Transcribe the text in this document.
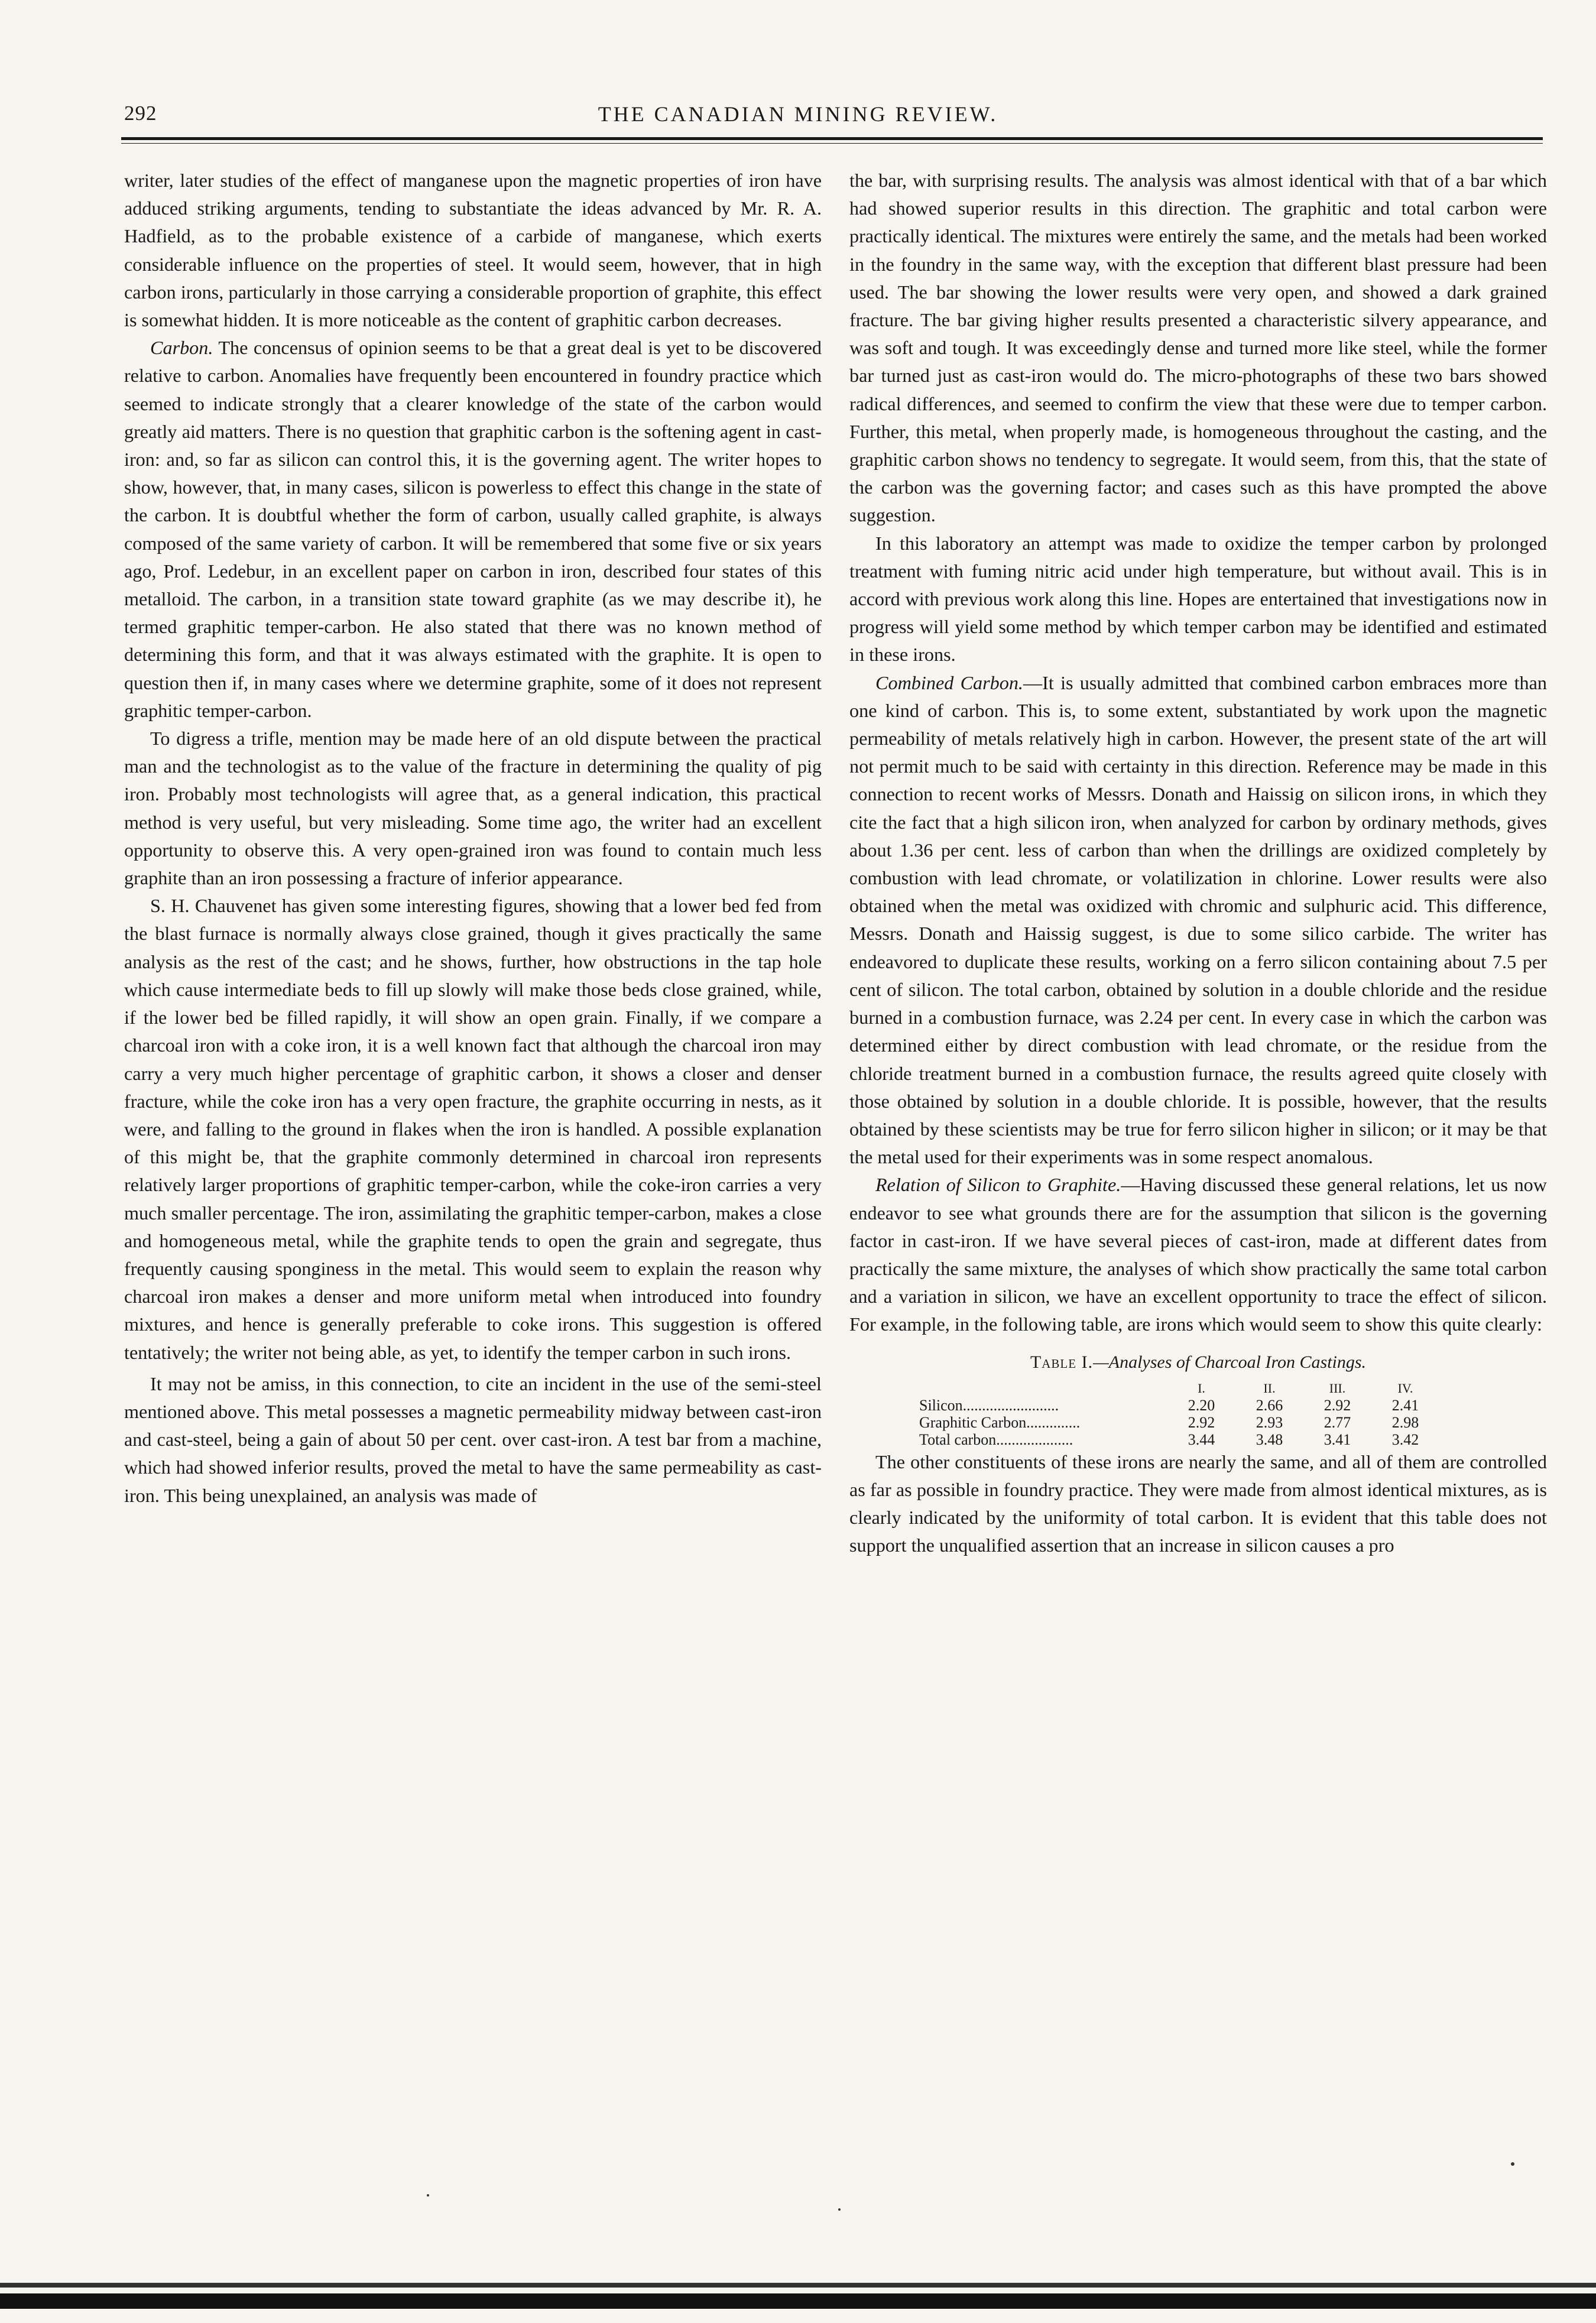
292	THE CANADIAN MINING REVIEW.

writer, later studies of the effect of manganese upon the magnetic properties of iron have adduced striking arguments, tending to substantiate the ideas advanced by Mr. R. A. Hadfield, as to the probable existence of a carbide of manganese, which exerts considerable influence on the properties of steel. It would seem, however, that in high carbon irons, particularly in those carrying a considerable proportion of graphite, this effect is somewhat hidden. It is more noticeable as the content of graphitic carbon decreases.

Carbon. The concensus of opinion seems to be that a great deal is yet to be discovered relative to carbon. Anomalies have frequently been encountered in foundry practice which seemed to indicate strongly that a clearer knowledge of the state of the carbon would greatly aid matters. There is no question that graphitic carbon is the softening agent in cast-iron: and, so far as silicon can control this, it is the governing agent. The writer hopes to show, however, that, in many cases, silicon is powerless to effect this change in the state of the carbon. It is doubtful whether the form of carbon, usually called graphite, is always composed of the same variety of carbon. It will be remembered that some five or six years ago, Prof. Ledebur, in an excellent paper on carbon in iron, described four states of this metalloid. The carbon, in a transition state toward graphite (as we may describe it), he termed graphitic temper-carbon. He also stated that there was no known method of determining this form, and that it was always estimated with the graphite. It is open to question then if, in many cases where we determine graphite, some of it does not represent graphitic temper-carbon.

To digress a trifle, mention may be made here of an old dispute between the practical man and the technologist as to the value of the fracture in determining the quality of pig iron. Probably most technologists will agree that, as a general indication, this practical method is very useful, but very misleading. Some time ago, the writer had an excellent opportunity to observe this. A very open-grained iron was found to contain much less graphite than an iron possessing a fracture of inferior appearance.

S. H. Chauvenet has given some interesting figures, showing that a lower bed fed from the blast furnace is normally always close grained, though it gives practically the same analysis as the rest of the cast; and he shows, further, how obstructions in the tap hole which cause intermediate beds to fill up slowly will make those beds close grained, while, if the lower bed be filled rapidly, it will show an open grain. Finally, if we compare a charcoal iron with a coke iron, it is a well known fact that although the charcoal iron may carry a very much higher percentage of graphitic carbon, it shows a closer and denser fracture, while the coke iron has a very open fracture, the graphite occurring in nests, as it were, and falling to the ground in flakes when the iron is handled. A possible explanation of this might be, that the graphite commonly determined in charcoal iron represents relatively larger proportions of graphitic temper-carbon, while the coke-iron carries a very much smaller percentage. The iron, assimilating the graphitic temper-carbon, makes a close and homogeneous metal, while the graphite tends to open the grain and segregate, thus frequently causing sponginess in the metal. This would seem to explain the reason why charcoal iron makes a denser and more uniform metal when introduced into foundry mixtures, and hence is generally preferable to coke irons. This suggestion is offered tentatively; the writer not being able, as yet, to identify the temper carbon in such irons.

It may not be amiss, in this connection, to cite an incident in the use of the semi-steel mentioned above. This metal possesses a magnetic permeability midway between cast-iron and cast-steel, being a gain of about 50 per cent. over cast-iron. A test bar from a machine, which had showed inferior results, proved the metal to have the same permeability as cast-iron. This being unexplained, an analysis was made of

the bar, with surprising results. The analysis was almost identical with that of a bar which had showed superior results in this direction. The graphitic and total carbon were practically identical. The mixtures were entirely the same, and the metals had been worked in the foundry in the same way, with the exception that different blast pressure had been used. The bar showing the lower results were very open, and showed a dark grained fracture. The bar giving higher results presented a characteristic silvery appearance, and was soft and tough. It was exceedingly dense and turned more like steel, while the former bar turned just as cast-iron would do. The micro-photographs of these two bars showed radical differences, and seemed to confirm the view that these were due to temper carbon. Further, this metal, when properly made, is homogeneous throughout the casting, and the graphitic carbon shows no tendency to segregate. It would seem, from this, that the state of the carbon was the governing factor; and cases such as this have prompted the above suggestion.

In this laboratory an attempt was made to oxidize the temper carbon by prolonged treatment with fuming nitric acid under high temperature, but without avail. This is in accord with previous work along this line. Hopes are entertained that investigations now in progress will yield some method by which temper carbon may be identified and estimated in these irons.

Combined Carbon.—It is usually admitted that combined carbon embraces more than one kind of carbon. This is, to some extent, substantiated by work upon the magnetic permeability of metals relatively high in carbon. However, the present state of the art will not permit much to be said with certainty in this direction. Reference may be made in this connection to recent works of Messrs. Donath and Haissig on silicon irons, in which they cite the fact that a high silicon iron, when analyzed for carbon by ordinary methods, gives about 1.36 per cent. less of carbon than when the drillings are oxidized completely by combustion with lead chromate, or volatilization in chlorine. Lower results were also obtained when the metal was oxidized with chromic and sulphuric acid. This difference, Messrs. Donath and Haissig suggest, is due to some silico carbide. The writer has endeavored to duplicate these results, working on a ferro silicon containing about 7.5 per cent of silicon. The total carbon, obtained by solution in a double chloride and the residue burned in a combustion furnace, was 2.24 per cent. In every case in which the carbon was determined either by direct combustion with lead chromate, or the residue from the chloride treatment burned in a combustion furnace, the results agreed quite closely with those obtained by solution in a double chloride. It is possible, however, that the results obtained by these scientists may be true for ferro silicon higher in silicon; or it may be that the metal used for their experiments was in some respect anomalous.

Relation of Silicon to Graphite.—Having discussed these general relations, let us now endeavor to see what grounds there are for the assumption that silicon is the governing factor in cast-iron. If we have several pieces of cast-iron, made at different dates from practically the same mixture, the analyses of which show practically the same total carbon and a variation in silicon, we have an excellent opportunity to trace the effect of silicon. For example, in the following table, are irons which would seem to show this quite clearly:

Table I.—Analyses of Charcoal Iron Castings.
	I.	II.	III.	IV.
Silicon.........................	2.20	2.66	2.92	2.41
Graphitic Carbon..............	2.92	2.93	2.77	2.98
Total carbon....................	3.44	3.48	3.41	3.42

The other constituents of these irons are nearly the same, and all of them are controlled as far as possible in foundry practice. They were made from almost identical mixtures, as is clearly indicated by the uniformity of total carbon. It is evident that this table does not support the unqualified assertion that an increase in silicon causes a pro
